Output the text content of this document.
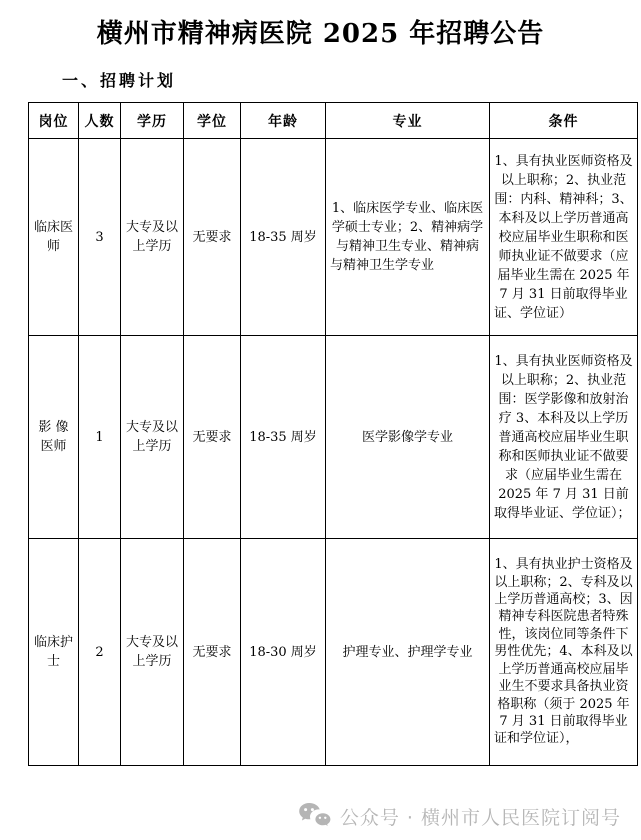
横州市精神病医院 2025 年招聘公告
一、招聘计划
岗位	人数	学历	学位	年龄	专业	条件
临床医师	3	大专及以上学历	无要求	18-35 周岁	1、临床医学专业、临床医学硕士专业；2、精神病学与精神卫生专业、精神病与精神卫生学专业	1、具有执业医师资格及以上职称；2、执业范围：内科、精神科；3、本科及以上学历普通高校应届毕业生职称和医师执业证不做要求（应届毕业生需在 2025 年 7 月 31 日前取得毕业证、学位证）
影 像医师	1	大专及以上学历	无要求	18-35 周岁	医学影像学专业	1、具有执业医师资格及以上职称；2、执业范围：医学影像和放射治疗 3、本科及以上学历普通高校应届毕业生职称和医师执业证不做要求（应届毕业生需在 2025 年 7 月 31 日前取得毕业证、学位证）；
临床护士	2	大专及以上学历	无要求	18-30 周岁	护理专业、护理学专业	1、具有执业护士资格及以上职称；2、专科及以上学历普通高校；3、因精神专科医院患者特殊性，该岗位同等条件下男性优先；4、本科及以上学历普通高校应届毕业生不要求具备执业资格职称（须于 2025 年 7 月 31 日前取得毕业证和学位证），
公众号 · 横州市人民医院订阅号
